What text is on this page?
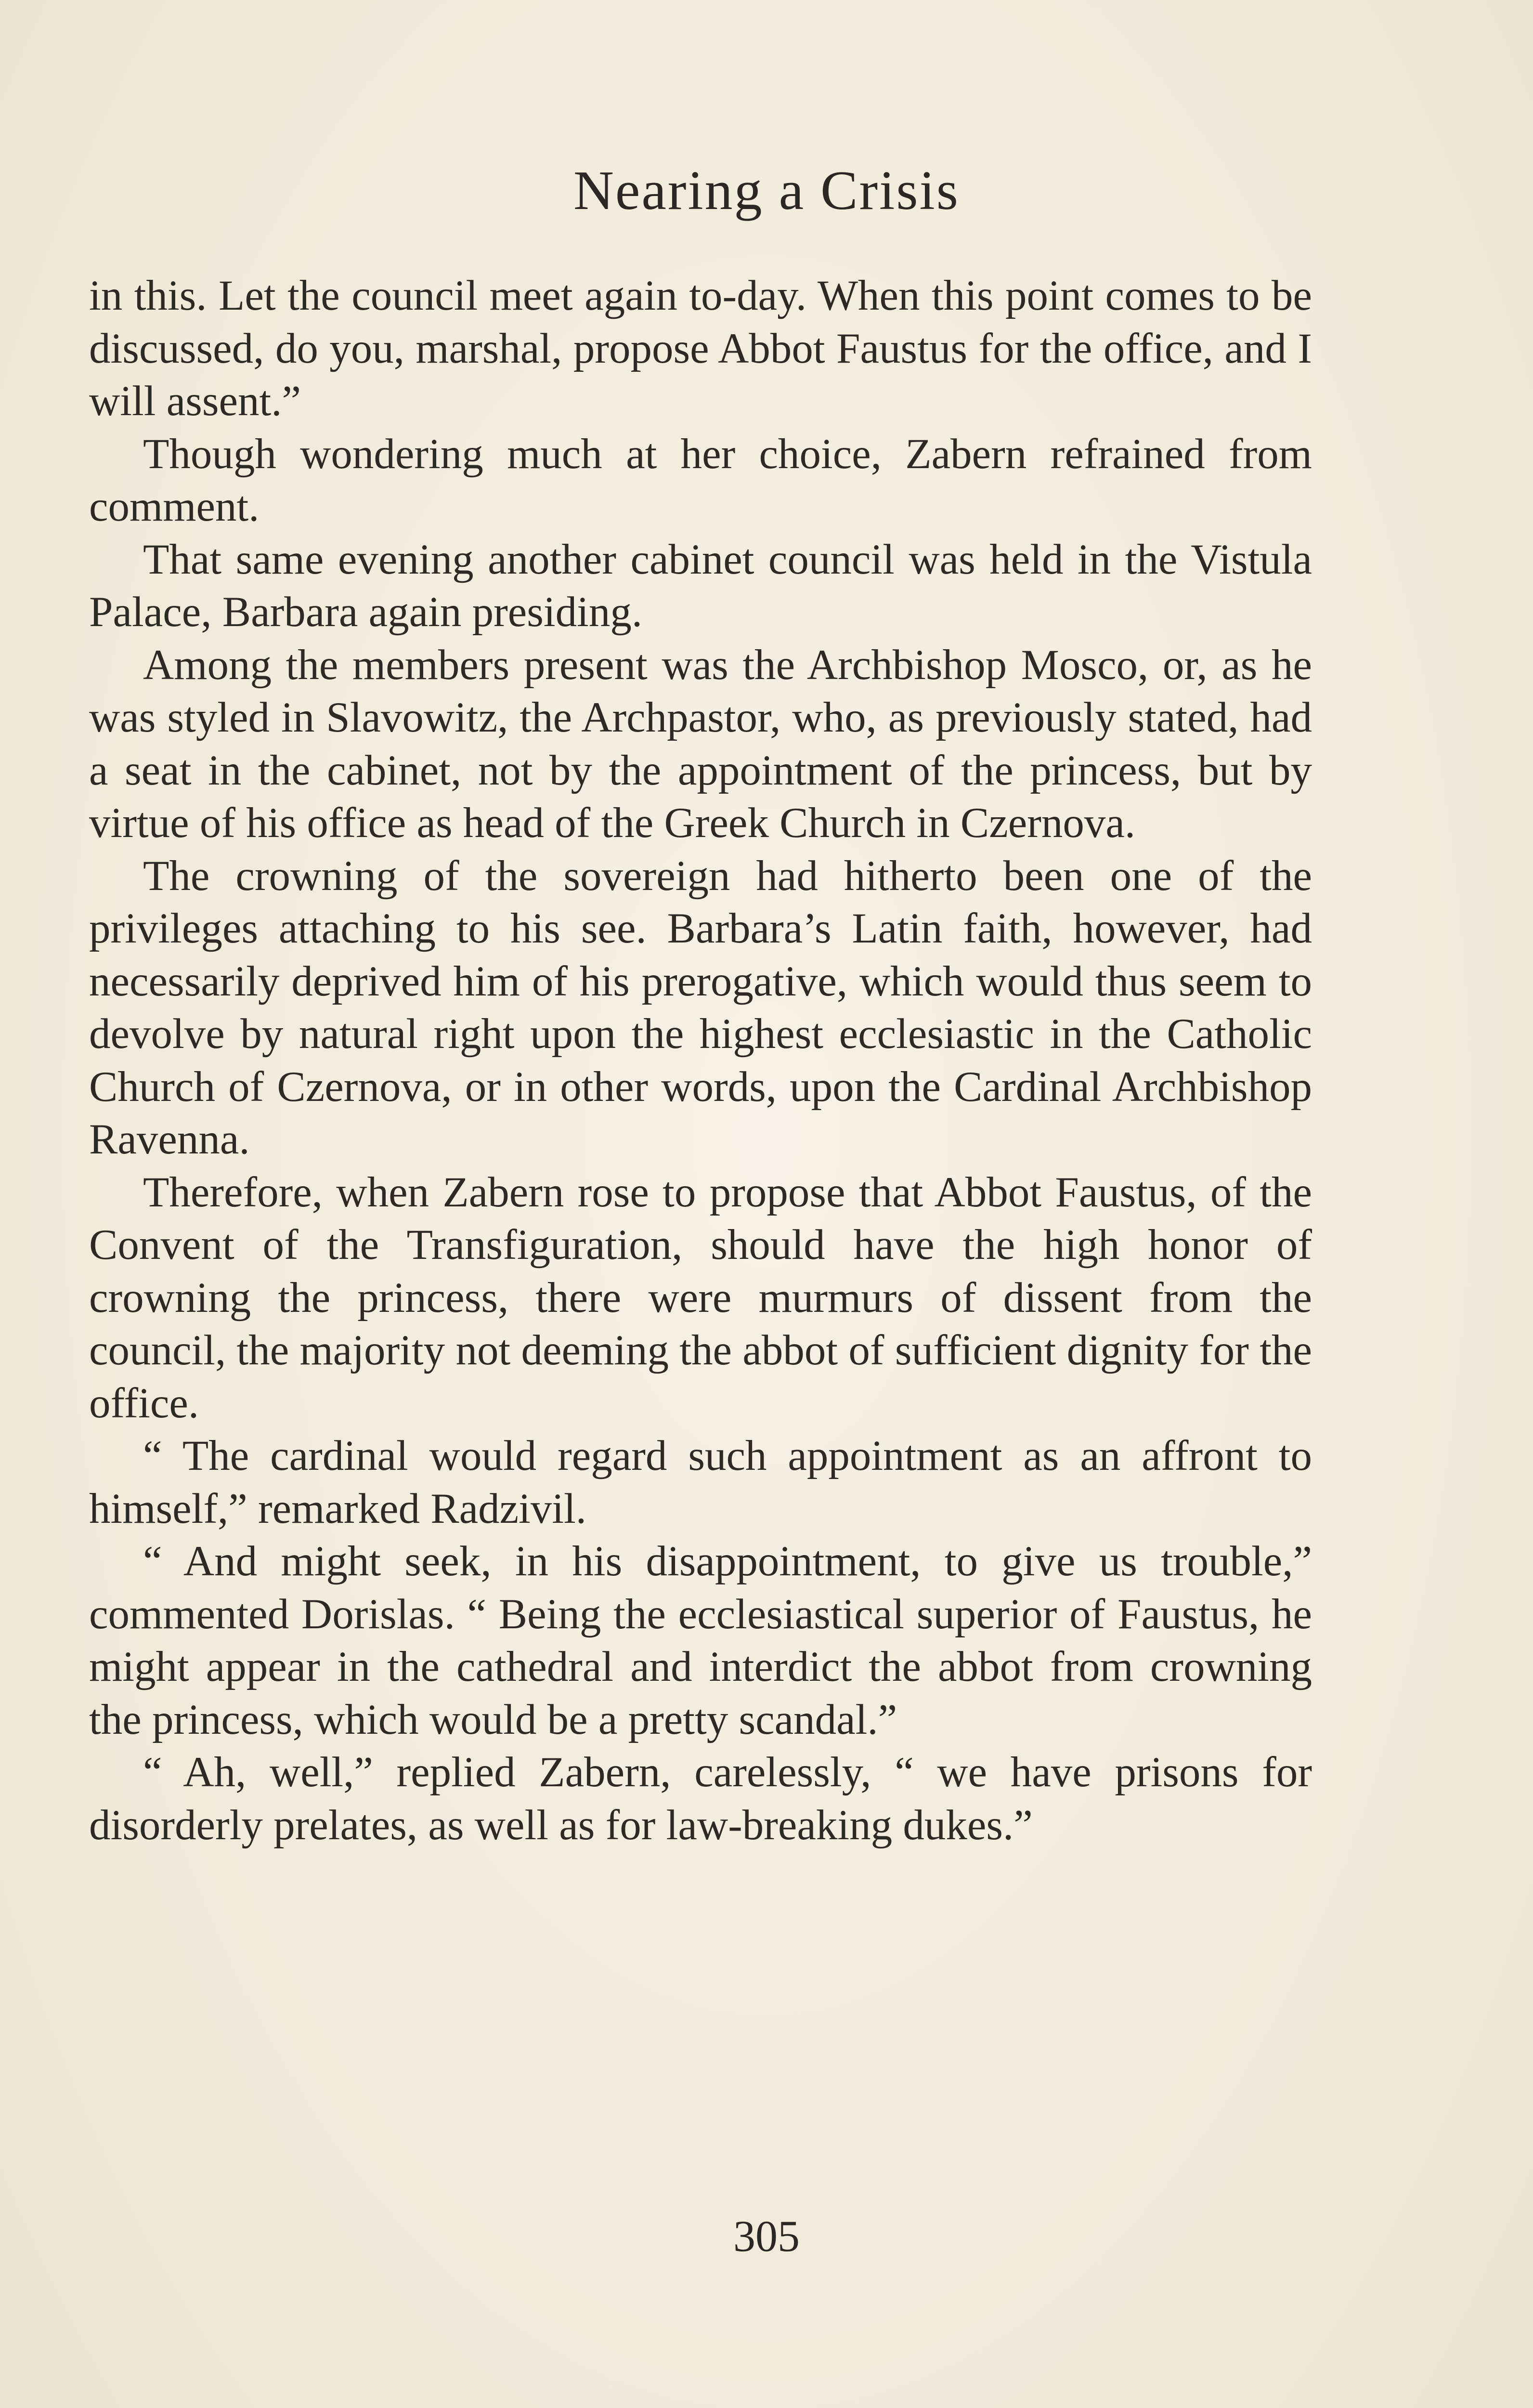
Nearing a Crisis

in this. Let the council meet again to-day. When this point comes to be discussed, do you, marshal, propose Abbot Faustus for the office, and I will assent.”

Though wondering much at her choice, Zabern refrained from comment.

That same evening another cabinet council was held in the Vistula Palace, Barbara again presiding.

Among the members present was the Archbishop Mosco, or, as he was styled in Slavowitz, the Archpastor, who, as previously stated, had a seat in the cabinet, not by the appointment of the princess, but by virtue of his office as head of the Greek Church in Czernova.

The crowning of the sovereign had hitherto been one of the privileges attaching to his see. Barbara’s Latin faith, however, had necessarily deprived him of his prerogative, which would thus seem to devolve by natural right upon the highest ecclesiastic in the Catholic Church of Czernova, or in other words, upon the Cardinal Archbishop Ravenna.

Therefore, when Zabern rose to propose that Abbot Faustus, of the Convent of the Transfiguration, should have the high honor of crowning the princess, there were murmurs of dissent from the council, the majority not deeming the abbot of sufficient dignity for the office.

“ The cardinal would regard such appointment as an affront to himself,” remarked Radzivil.

“ And might seek, in his disappointment, to give us trouble,” commented Dorislas. “ Being the ecclesiastical superior of Faustus, he might appear in the cathedral and interdict the abbot from crowning the princess, which would be a pretty scandal.”

“ Ah, well,” replied Zabern, carelessly, “ we have prisons for disorderly prelates, as well as for law-breaking dukes.”

305
